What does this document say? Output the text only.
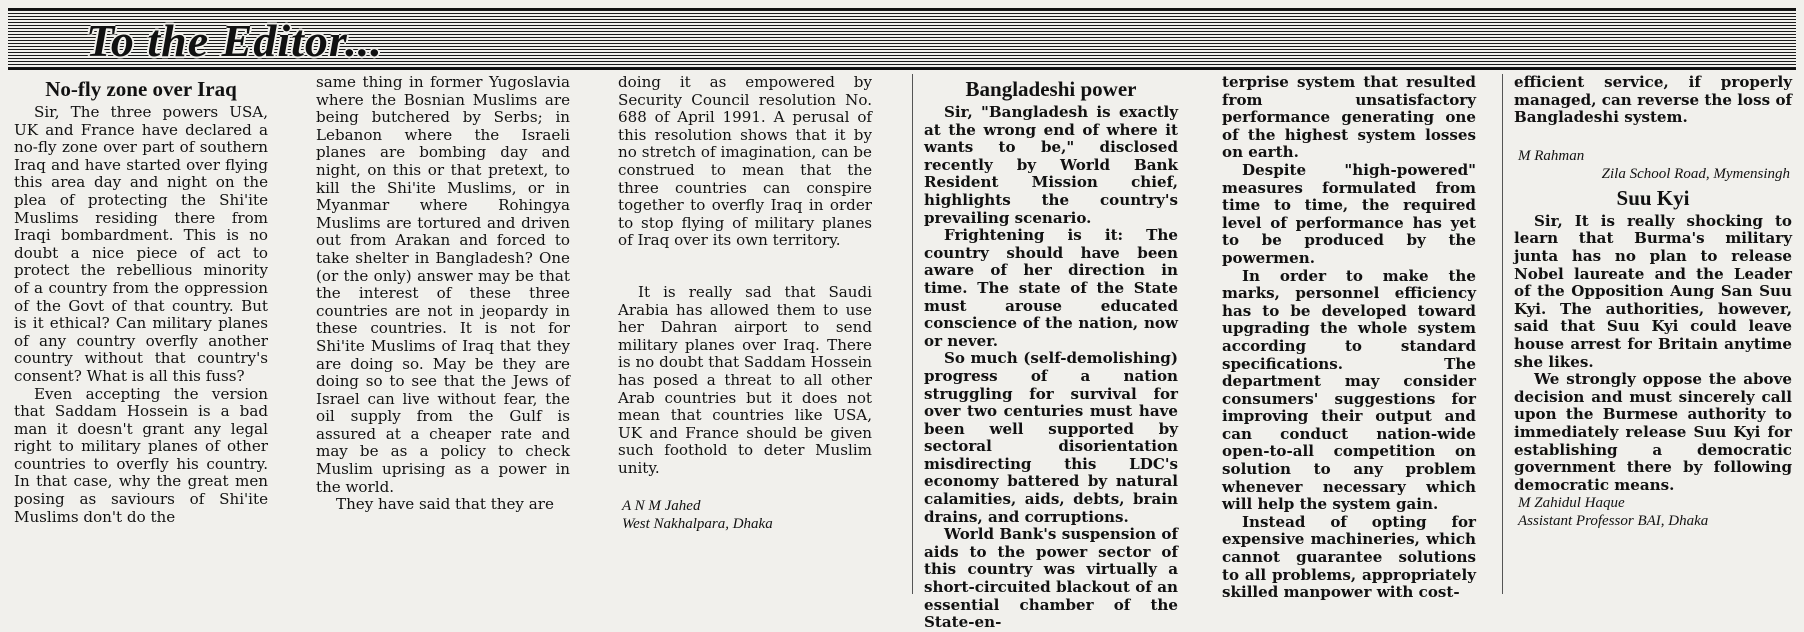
To the Editor...
No-fly zone over Iraq

Sir, The three powers USA, UK and France have declared a no-fly zone over part of southern Iraq and have started over flying this area day and night on the plea of protecting the Shi'ite Muslims residing there from Iraqi bombardment. This is no doubt a nice piece of act to protect the rebellious minority of a country from the oppression of the Govt of that country. But is it ethical? Can military planes of any country overfly another country without that country's consent? What is all this fuss?

Even accepting the version that Saddam Hossein is a bad man it doesn't grant any legal right to military planes of other countries to overfly his country. In that case, why the great men posing as saviours of Shi'ite Muslims don't do the

same thing in former Yugoslavia where the Bosnian Muslims are being butchered by Serbs; in Lebanon where the Israeli planes are bombing day and night, on this or that pretext, to kill the Shi'ite Muslims, or in Myanmar where Rohingya Muslims are tortured and driven out from Arakan and forced to take shelter in Bangladesh? One (or the only) answer may be that the interest of these three countries are not in jeopardy in these countries. It is not for Shi'ite Muslims of Iraq that they are doing so. May be they are doing so to see that the Jews of Israel can live without fear, the oil supply from the Gulf is assured at a cheaper rate and may be as a policy to check Muslim uprising as a power in the world.

They have said that they are

doing it as empowered by Security Council resolution No. 688 of April 1991. A perusal of this resolution shows that it by no stretch of imagination, can be construed to mean that the three countries can conspire together to overfly Iraq in order to stop flying of military planes of Iraq over its own territory.

It is really sad that Saudi Arabia has allowed them to use her Dahran airport to send military planes over Iraq. There is no doubt that Saddam Hossein has posed a threat to all other Arab countries but it does not mean that countries like USA, UK and France should be given such foothold to deter Muslim unity.

A N M Jahed
West Nakhalpara, Dhaka
Bangladeshi power

Sir, "Bangladesh is exactly at the wrong end of where it wants to be," disclosed recently by World Bank Resident Mission chief, highlights the country's prevailing scenario.

Frightening is it: The country should have been aware of her direction in time. The state of the State must arouse educated conscience of the nation, now or never.

So much (self-demolishing) progress of a nation struggling for survival for over two centuries must have been well supported by sectoral disorientation misdirecting this LDC's economy battered by natural calamities, aids, debts, brain drains, and corruptions.

World Bank's suspension of aids to the power sector of this country was virtually a short-circuited blackout of an essential chamber of the State-en-

terprise system that resulted from unsatisfactory performance generating one of the highest system losses on earth.

Despite "high-powered" measures formulated from time to time, the required level of performance has yet to be produced by the powermen.

In order to make the marks, personnel efficiency has to be developed toward upgrading the whole system according to standard specifications. The department may consider consumers' suggestions for improving their output and can conduct nation-wide open-to-all competition on solution to any problem whenever necessary which will help the system gain.

Instead of opting for expensive machineries, which cannot guarantee solutions to all problems, appropriately skilled manpower with cost-

efficient service, if properly managed, can reverse the loss of Bangladeshi system.

M Rahman
Zila School Road, Mymensingh
Suu Kyi

Sir, It is really shocking to learn that Burma's military junta has no plan to release Nobel laureate and the Leader of the Opposition Aung San Suu Kyi. The authorities, however, said that Suu Kyi could leave house arrest for Britain anytime she likes.

We strongly oppose the above decision and must sincerely call upon the Burmese authority to immediately release Suu Kyi for establishing a democratic government there by following democratic means.

M Zahidul Haque
Assistant Professor BAI, Dhaka
